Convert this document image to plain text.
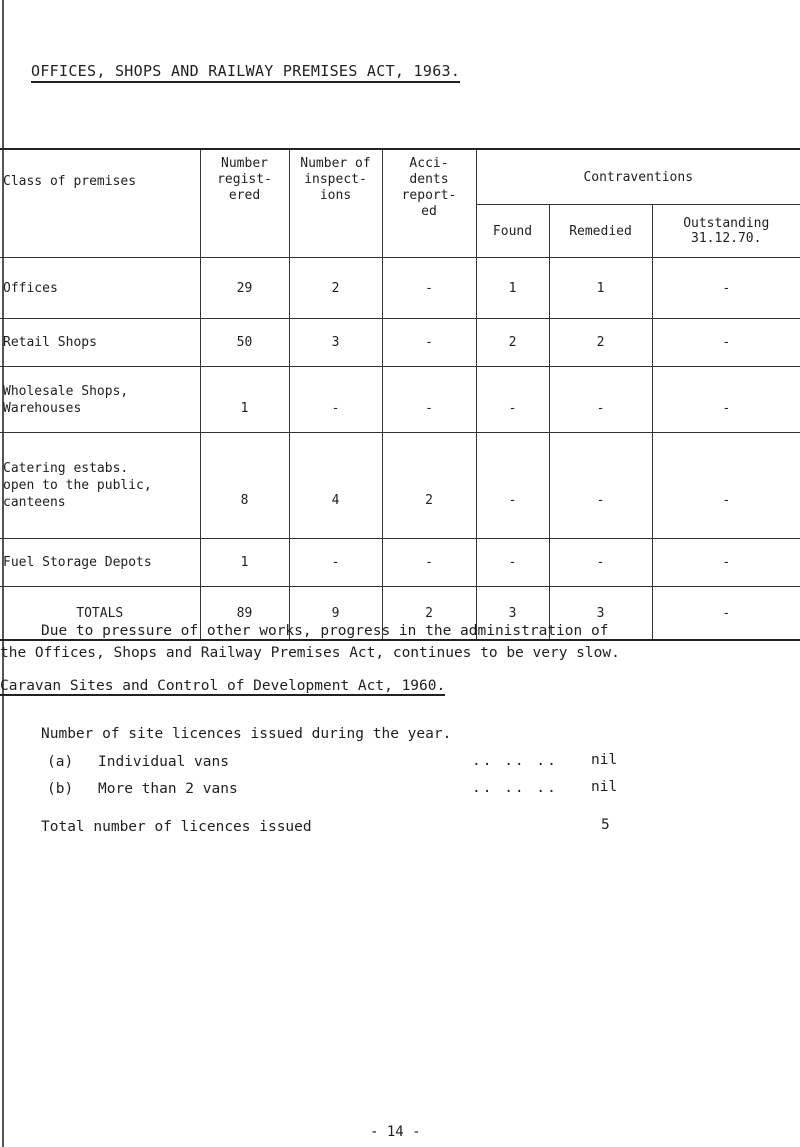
OFFICES, SHOPS AND RAILWAY PREMISES ACT, 1963.
Class of premises	Number regist- ered	Number of inspect- ions	Acci- dents report- ed	Contraventions		
				Found	Remedied	Outstanding 31.12.70.

Offices	29	2	-	1	1	-
Retail Shops	50	3	-	2	2	-

Wholesale Shops, Warehouses	1	-	-	-	-	-

Catering estabs. open to the public, canteens	8	4	2	-	-	-
Fuel Storage Depots	1	-	-	-	-	-
TOTALS	89	9	2	3	3	-
Due to pressure of other works, progress in the administration of
the Offices, Shops and Railway Premises Act, continues to be very slow.
Caravan Sites and Control of Development Act, 1960.
Number of site licences issued during the year.
(a) Individual vans	.. .. .. nil
(b) More than 2 vans	.. .. .. nil
Total number of licences issued	5
- 14 -
